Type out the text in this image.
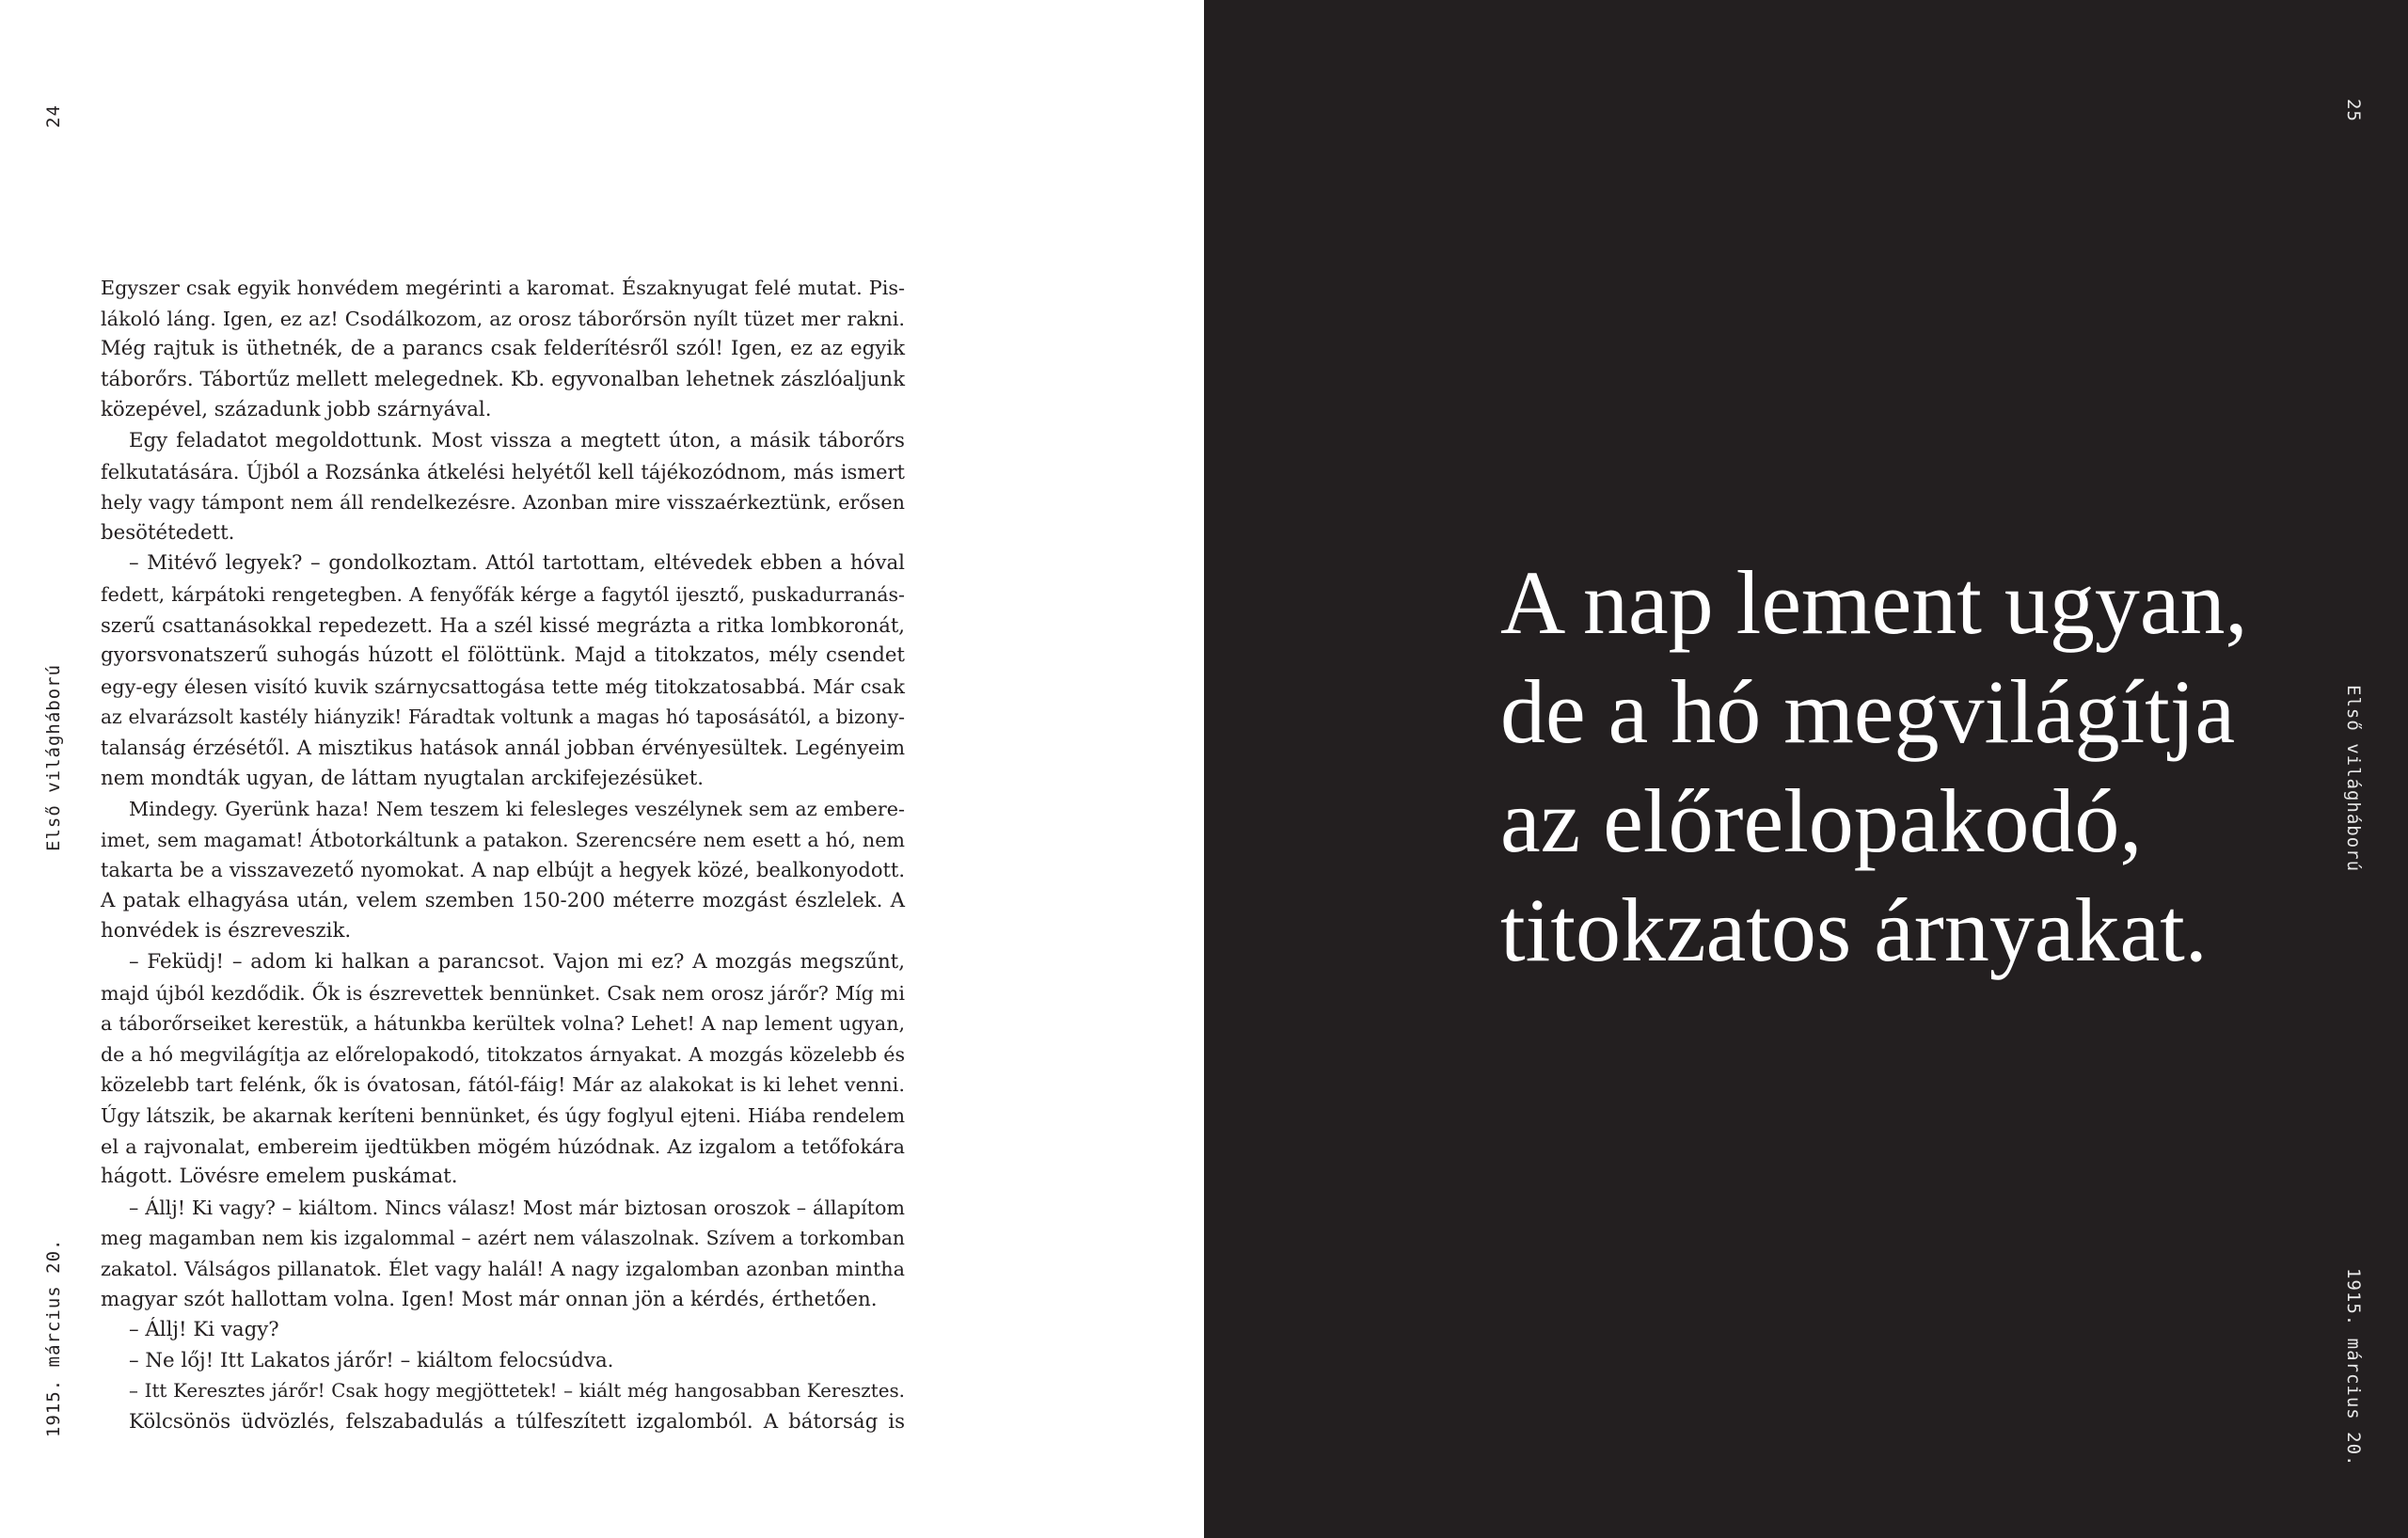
24
Első világháború
1915. március 20.
Egyszer csak egyik honvédem megérinti a karomat. Északnyugat felé mutat. Pis-
lákoló láng. Igen, ez az! Csodálkozom, az orosz táborőrsön nyílt tüzet mer rakni.
Még rajtuk is üthetnék, de a parancs csak felderítésről szól! Igen, ez az egyik
táborőrs. Tábortűz mellett melegednek. Kb. egyvonalban lehetnek zászlóaljunk
közepével, századunk jobb szárnyával.
Egy feladatot megoldottunk. Most vissza a megtett úton, a másik táborőrs
felkutatására. Újból a Rozsánka átkelési helyétől kell tájékozódnom, más ismert
hely vagy támpont nem áll rendelkezésre. Azonban mire visszaérkeztünk, erősen
besötétedett.
– Mitévő legyek? – gondolkoztam. Attól tartottam, eltévedek ebben a hóval
fedett, kárpátoki rengetegben. A fenyőfák kérge a fagytól ijesztő, puskadurranás-
szerű csattanásokkal repedezett. Ha a szél kissé megrázta a ritka lombkoronát,
gyorsvonatszerű suhogás húzott el fölöttünk. Majd a titokzatos, mély csendet
egy-egy élesen visító kuvik szárnycsattogása tette még titokzatosabbá. Már csak
az elvarázsolt kastély hiányzik! Fáradtak voltunk a magas hó taposásától, a bizony-
talanság érzésétől. A misztikus hatások annál jobban érvényesültek. Legényeim
nem mondták ugyan, de láttam nyugtalan arckifejezésüket.
Mindegy. Gyerünk haza! Nem teszem ki felesleges veszélynek sem az embere-
imet, sem magamat! Átbotorkáltunk a patakon. Szerencsére nem esett a hó, nem
takarta be a visszavezető nyomokat. A nap elbújt a hegyek közé, bealkonyodott.
A patak elhagyása után, velem szemben 150-200 méterre mozgást észlelek. A
honvédek is észreveszik.
– Feküdj! – adom ki halkan a parancsot. Vajon mi ez? A mozgás megszűnt,
majd újból kezdődik. Ők is észrevettek bennünket. Csak nem orosz járőr? Míg mi
a táborőrseiket kerestük, a hátunkba kerültek volna? Lehet! A nap lement ugyan,
de a hó megvilágítja az előrelopakodó, titokzatos árnyakat. A mozgás közelebb és
közelebb tart felénk, ők is óvatosan, fától-fáig! Már az alakokat is ki lehet venni.
Úgy látszik, be akarnak keríteni bennünket, és úgy foglyul ejteni. Hiába rendelem
el a rajvonalat, embereim ijedtükben mögém húzódnak. Az izgalom a tetőfokára
hágott. Lövésre emelem puskámat.
– Állj! Ki vagy? – kiáltom. Nincs válasz! Most már biztosan oroszok – állapítom
meg magamban nem kis izgalommal – azért nem válaszolnak. Szívem a torkomban
zakatol. Válságos pillanatok. Élet vagy halál! A nagy izgalomban azonban mintha
magyar szót hallottam volna. Igen! Most már onnan jön a kérdés, érthetően.
– Állj! Ki vagy?
– Ne lőj! Itt Lakatos járőr! – kiáltom felocsúdva.
– Itt Keresztes járőr! Csak hogy megjöttetek! – kiált még hangosabban Keresztes.
Kölcsönös üdvözlés, felszabadulás a túlfeszített izgalomból. A bátorság is
25
Első világháború
1915. március 20.
A nap lement ugyan,
de a hó megvilágítja
az előrelopakodó,
titokzatos árnyakat.
